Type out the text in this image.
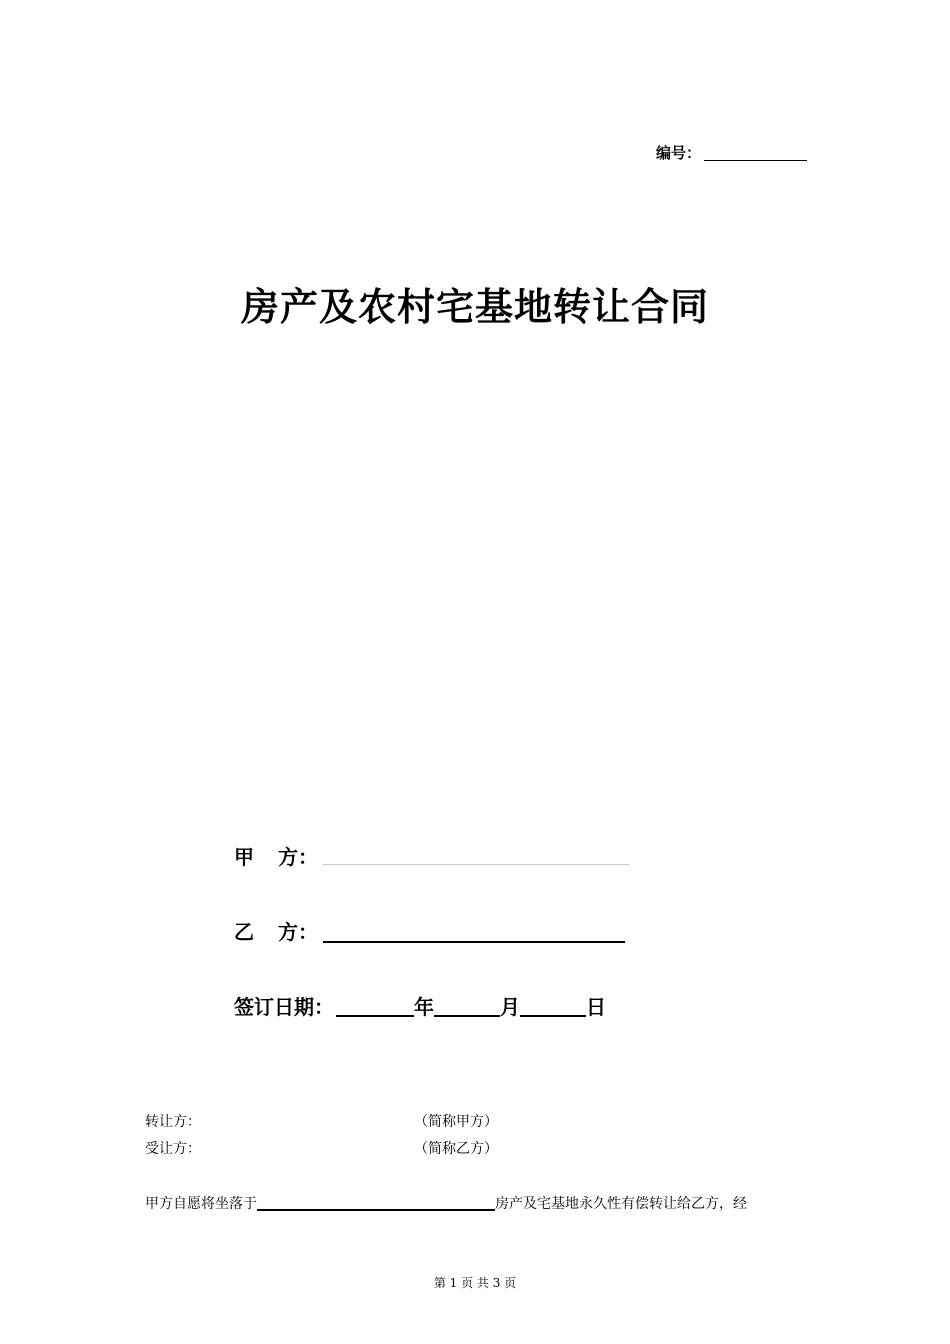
编号：
房产及农村宅基地转让合同
甲 方：
乙 方：
签订日期：	年	月	日
转让方：	（简称甲方）
受让方：	（简称乙方）
甲方自愿将坐落于	房产及宅基地永久性有偿转让给乙方，经
第 1 页 共 3 页
